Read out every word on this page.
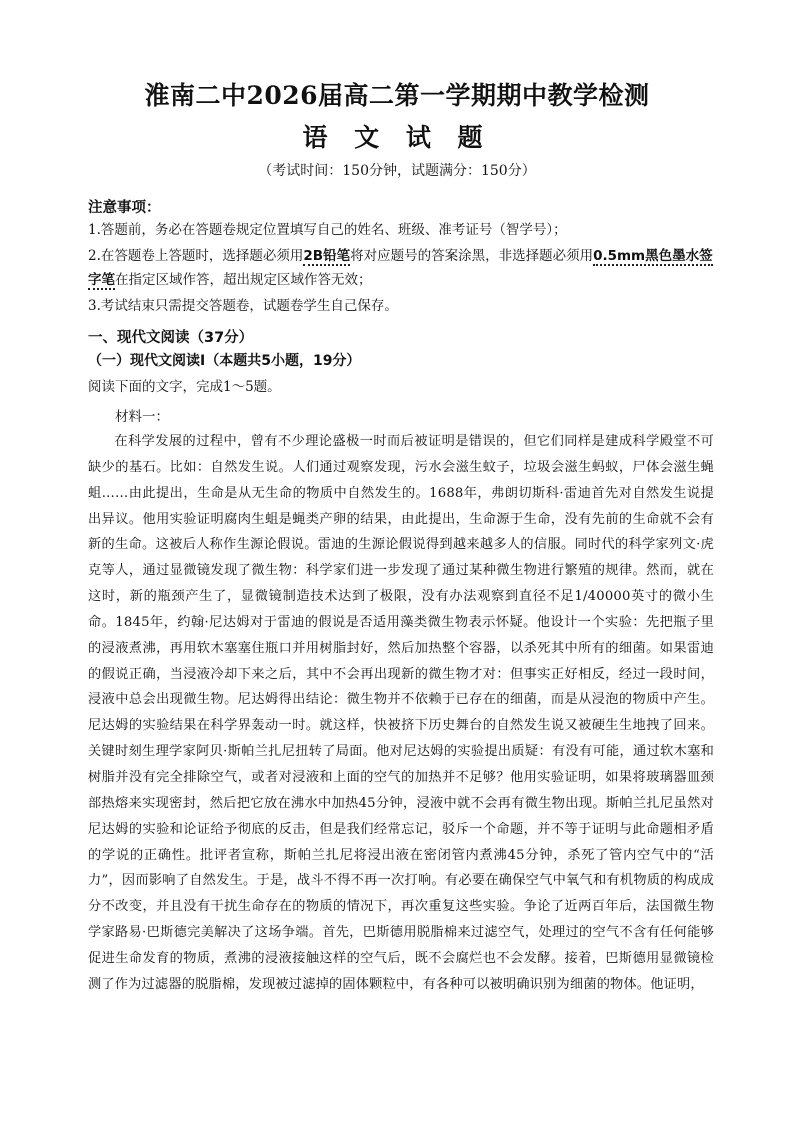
淮南二中2026届高二第一学期期中教学检测
语 文 试 题
（考试时间：150分钟，试题满分：150分）
注意事项：
1.答题前，务必在答题卷规定位置填写自己的姓名、班级、准考证号（智学号）；
2.在答题卷上答题时，选择题必须用2B铅笔将对应题号的答案涂黑，非选择题必须用0.5mm黑色墨水签字笔在指定区域作答，超出规定区域作答无效；
3.考试结束只需提交答题卷，试题卷学生自己保存。
一、现代文阅读（37分）
（一）现代文阅读Ⅰ（本题共5小题，19分）
阅读下面的文字，完成1～5题。
材料一：
在科学发展的过程中，曾有不少理论盛极一时而后被证明是错误的，但它们同样是建成科学殿堂不可缺少的基石。比如：自然发生说。人们通过观察发现，污水会滋生蚊子，垃圾会滋生蚂蚁，尸体会滋生蝇蛆……由此提出，生命是从无生命的物质中自然发生的。1688年，弗朗切斯科·雷迪首先对自然发生说提出异议。他用实验证明腐肉生蛆是蝇类产卵的结果，由此提出，生命源于生命，没有先前的生命就不会有新的生命。这被后人称作生源论假说。雷迪的生源论假说得到越来越多人的信服。同时代的科学家列文·虎克等人，通过显微镜发现了微生物：科学家们进一步发现了通过某种微生物进行繁殖的规律。然而，就在这时，新的瓶颈产生了，显微镜制造技术达到了极限，没有办法观察到直径不足1/40000英寸的微小生命。1845年，约翰·尼达姆对于雷迪的假说是否适用藻类微生物表示怀疑。他设计一个实验：先把瓶子里的浸液煮沸，再用软木塞塞住瓶口并用树脂封好，然后加热整个容器，以杀死其中所有的细菌。如果雷迪的假说正确，当浸液冷却下来之后，其中不会再出现新的微生物才对：但事实正好相反，经过一段时间，浸液中总会出现微生物。尼达姆得出结论：微生物并不依赖于已存在的细菌，而是从浸泡的物质中产生。尼达姆的实验结果在科学界轰动一时。就这样，快被挤下历史舞台的自然发生说又被硬生生地拽了回来。关键时刻生理学家阿贝·斯帕兰扎尼扭转了局面。他对尼达姆的实验提出质疑：有没有可能，通过软木塞和树脂并没有完全排除空气，或者对浸液和上面的空气的加热并不足够？他用实验证明，如果将玻璃器皿颈部热熔来实现密封，然后把它放在沸水中加热45分钟，浸液中就不会再有微生物出现。斯帕兰扎尼虽然对尼达姆的实验和论证给予彻底的反击，但是我们经常忘记，驳斥一个命题，并不等于证明与此命题相矛盾的学说的正确性。批评者宣称，斯帕兰扎尼将浸出液在密闭管内煮沸45分钟，杀死了管内空气中的“活力”，因而影响了自然发生。于是，战斗不得不再一次打响。有必要在确保空气中氧气和有机物质的构成成分不改变，并且没有干扰生命存在的物质的情况下，再次重复这些实验。争论了近两百年后，法国微生物学家路易·巴斯德完美解决了这场争端。首先，巴斯德用脱脂棉来过滤空气，处理过的空气不含有任何能够促进生命发育的物质，煮沸的浸液接触这样的空气后，既不会腐烂也不会发酵。接着，巴斯德用显微镜检测了作为过滤器的脱脂棉，发现被过滤掉的固体颗粒中，有各种可以被明确识别为细菌的物体。他证明，
